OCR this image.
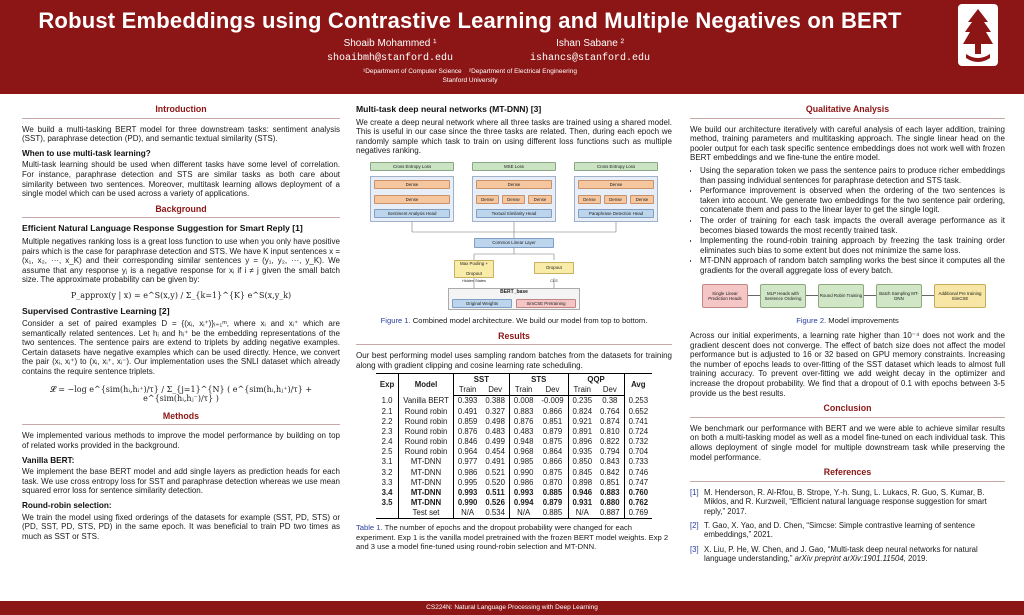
Robust Embeddings using Contrastive Learning and Multiple Negatives on BERT
Shoaib Mohammed ¹
shoaibmh@stanford.edu
Ishan Sabane ²
ishancs@stanford.edu
¹Department of Computer Science ²Department of Electrical Engineering
Stanford University
Introduction

We build a multi-tasking BERT model for three downstream tasks: sentiment analysis (SST), paraphrase detection (PD), and semantic textual similarity (STS).

When to use multi-task learning?

Multi-task learning should be used when different tasks have some level of correlation. For instance, paraphrase detection and STS are similar tasks as both care about similarity between two sentences. Moreover, multitask learning allows deployment of a single model which can be used across a variety of applications.

Background
Efficient Natural Language Response Suggestion for Smart Reply [1]

Multiple negatives ranking loss is a great loss function to use when you only have positive pairs which is the case for paraphrase detection and STS. We have K input sentences x = (x₁, x₂, ···, x_K) and their corresponding similar sentences y = (y₁, y₂, ···, y_K). We assume that any response yⱼ is a negative response for xᵢ if i ≠ j given the small batch size. The approximate probability can be given by:

P_approx(y | x) = e^S(x,y) / Σ_{k=1}^{K} e^S(x,y_k)
Supervised Contrastive Learning [2]

Consider a set of paired examples D = {(xᵢ, xᵢ⁺)}ᵢ₌₁ᵐ, where xᵢ and xᵢ⁺ which are semantically related sentences. Let hᵢ and hᵢ⁺ be the embedding representations of the two sentences. The sentence pairs are extend to triplets by adding negative examples. Certain datasets have negative examples which can be used directly. Hence, we convert the pair (xᵢ, xᵢ⁺) to (xᵢ, xᵢ⁺, xᵢ⁻). Our implementation uses the SNLI dataset which already contains the require sentence triplets.

𝓛 = −log e^{sim(hᵢ,hᵢ⁺)/τ} / Σ_{j=1}^{N} ( e^{sim(hᵢ,hⱼ⁺)/τ} + e^{sim(hᵢ,hⱼ⁻)/τ} )
Methods

We implemented various methods to improve the model performance by building on top of related works provided in the background.

Vanilla BERT:

We implement the base BERT model and add single layers as prediction heads for each task. We use cross entropy loss for SST and paraphrase detection whereas we use mean squared error loss for sentence similarity detection.

Round-robin selection:

We train the model using fixed orderings of the datasets for example (SST, PD, STS) or (PD, SST, PD, STS, PD) in the same epoch. It was beneficial to train PD two times as much as SST or STS.

Multi-task deep neural networks (MT-DNN) [3]

We create a deep neural network where all three tasks are trained using a shared model. This is useful in our case since the three tasks are related. Then, during each epoch we randomly sample which task to train on using different loss functions such as multiple negatives ranking.

Cross Entropy Loss	MSE Loss	Cross Entropy Loss
Dense
Dense
Dense
Dense	Dense	Dense
Dense
Dense	Dense	Dense
Sentiment Analysis Head	Textual Similarity Head	Paraphrase Detection Head
Common Linear Layer
Max Pooling + Dropout
Dropout
Hidden States	CLS
BERT_base
Original Weights	SimCSE Pretraining
Figure 1. Combined model architecture. We build our model from top to bottom.
Results

Our best performing model uses sampling random batches from the datasets for training along with gradient clipping and cosine learning rate scheduling.

Exp	Model	SST		STS		QQP		Avg
		Train	Dev	Train	Dev	Train	Dev	
1.0	Vanilla BERT	0.393	0.388	0.008	-0.009	0.235	0.38	0.253
2.1	Round robin	0.491	0.327	0.883	0.866	0.824	0.764	0.652
2.2	Round robin	0.859	0.498	0.876	0.851	0.921	0.874	0.741
2.3	Round robin	0.876	0.483	0.483	0.879	0.891	0.810	0.724
2.4	Round robin	0.846	0.499	0.948	0.875	0.896	0.822	0.732
2.5	Round robin	0.964	0.454	0.968	0.864	0.935	0.794	0.704
3.1	MT-DNN	0.977	0.491	0.985	0.866	0.850	0.843	0.733
3.2	MT-DNN	0.986	0.521	0.990	0.875	0.845	0.842	0.746
3.3	MT-DNN	0.995	0.520	0.986	0.870	0.898	0.851	0.747
3.4	MT-DNN	0.993	0.511	0.993	0.885	0.946	0.883	0.760
3.5	MT-DNN	0.990	0.526	0.994	0.879	0.931	0.880	0.762
	Test set	N/A	0.534	N/A	0.885	N/A	0.887	0.769
Table 1. The number of epochs and the dropout probability were changed for each experiment. Exp 1 is the vanilla model pretrained with the frozen BERT model weights. Exp 2 and 3 use a model fine-tuned using round-robin selection and MT-DNN.
Qualitative Analysis

We build our architecture iteratively with careful analysis of each layer addition, training method, training parameters and multitasking approach. The single linear head on the pooler output for each task specific sentence embeddings does not work well with frozen BERT embeddings and we fine-tune the entire model.

• Using the separation token we pass the sentence pairs to produce richer embeddings than passing individual sentences for paraphrase detection and STS task.
• Performance improvement is observed when the ordering of the two sentences is taken into account. We generate two embeddings for the two sentence pair ordering, concatenate them and pass to the linear layer to get the single logit.
• The order of training for each task impacts the overall average performance as it becomes biased towards the most recently trained task.
• Implementing the round-robin training approach by freezing the task training order eliminates such bias to some extent but does not minimize the same loss.
• MT-DNN approach of random batch sampling works the best since it computes all the gradients for the overall aggregate loss of every batch.
Single Linear Prediction Heads
MLP Heads with Sentence Ordering	Round Robin Training	Batch Sampling MT-DNN
Additional Pre training SimCSE
Figure 2. Model improvements

Across our initial experiments, a learning rate higher than 10⁻⁴ does not work and the gradient descent does not converge. The effect of batch size does not affect the model performance but is adjusted to 16 or 32 based on GPU memory constraints. Increasing the number of epochs leads to over-fitting of the SST dataset which leads to almost full training accuracy. To prevent over-fitting we add weight decay in the optimizer and increase the dropout probability. We find that a dropout of 0.1 with epochs between 3-5 provide us the best results.

Conclusion

We benchmark our performance with BERT and we were able to achieve similar results on both a multi-tasking model as well as a model fine-tuned on each individual task. This allows deployment of single model for multiple downstream task while preserving the model performance.

References
[1] M. Henderson, R. Al-Rfou, B. Strope, Y.-h. Sung, L. Lukacs, R. Guo, S. Kumar, B. Miklos, and R. Kurzweil, “Efficient natural language response suggestion for smart reply,” 2017.
[2] T. Gao, X. Yao, and D. Chen, “Simcse: Simple contrastive learning of sentence embeddings,” 2021.
[3] X. Liu, P. He, W. Chen, and J. Gao, “Multi-task deep neural networks for natural language understanding,” arXiv preprint arXiv:1901.11504, 2019.
CS224N: Natural Language Processing with Deep Learning
